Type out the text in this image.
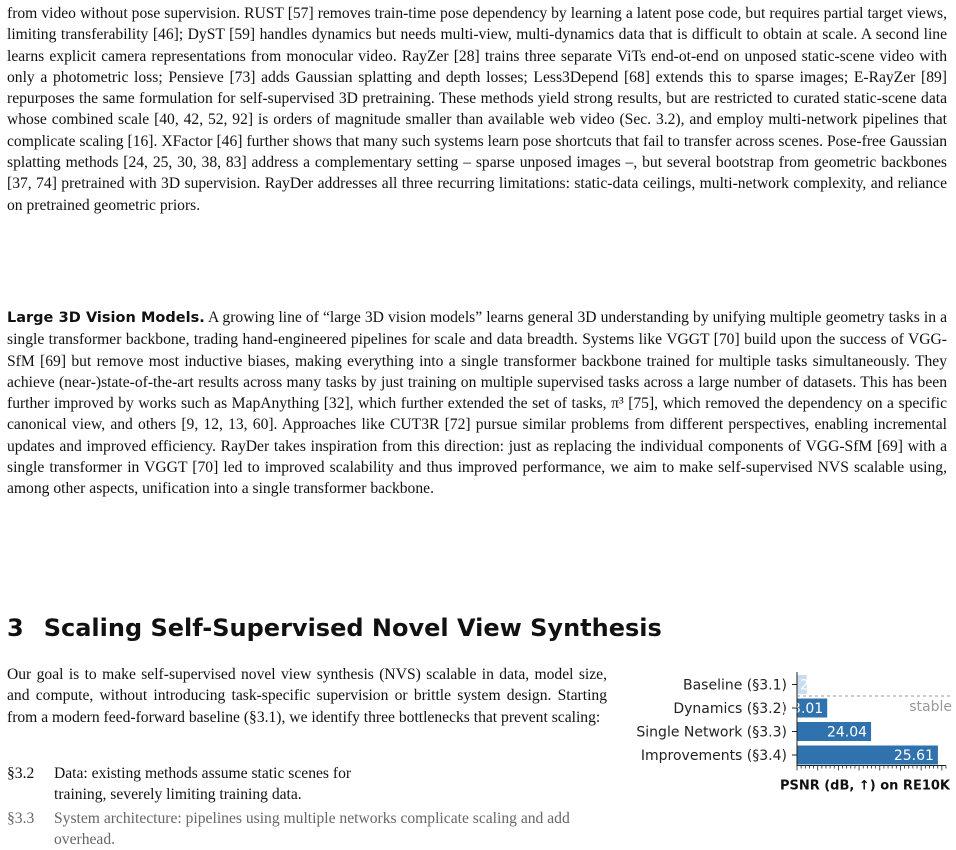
from video without pose supervision. RUST [57] removes train-time pose dependency by learning a latent pose code, but requires partial target views, limiting transferability [46]; DyST [59] handles dynamics but needs multi-view, multi-dynamics data that is difficult to obtain at scale. A second line learns explicit camera representations from monocular video. RayZer [28] trains three separate ViTs end-ot-end on unposed static-scene video with only a photometric loss; Pensieve [73] adds Gaussian splatting and depth losses; Less3Depend [68] extends this to sparse images; E-RayZer [89] repurposes the same formulation for self-supervised 3D pretraining. These methods yield strong results, but are restricted to curated static-scene data whose combined scale [40, 42, 52, 92] is orders of magnitude smaller than available web video (Sec. 3.2), and employ multi-network pipelines that complicate scaling [16]. XFactor [46] further shows that many such systems learn pose shortcuts that fail to transfer across scenes. Pose-free Gaussian splatting methods [24, 25, 30, 38, 83] address a complementary setting – sparse unposed images –, but several bootstrap from geometric backbones [37, 74] pretrained with 3D supervision. RayDer addresses all three recurring limitations: static-data ceilings, multi-network complexity, and reliance on pretrained geometric priors.

Large 3D Vision Models. A growing line of “large 3D vision models” learns general 3D understanding by unifying multiple geometry tasks in a single transformer backbone, trading hand-engineered pipelines for scale and data breadth. Systems like VGGT [70] build upon the success of VGG-SfM [69] but remove most inductive biases, making everything into a single transformer backbone trained for multiple tasks simultaneously. They achieve (near-)state-of-the-art results across many tasks by just training on multiple supervised tasks across a large number of datasets. This has been further improved by works such as MapAnything [32], which further extended the set of tasks, π³ [75], which removed the dependency on a specific canonical view, and others [9, 12, 13, 60]. Approaches like CUT3R [72] pursue similar problems from different perspectives, enabling incremental updates and improved efficiency. RayDer takes inspiration from this direction: just as replacing the individual components of VGG-SfM [69] with a single transformer in VGGT [70] led to improved scalability and thus improved performance, we aim to make self-supervised NVS scalable using, among other aspects, unification into a single transformer backbone.

3 Scaling Self-Supervised Novel View Synthesis

Our goal is to make self-supervised novel view synthesis (NVS) scalable in data, model size, and compute, without introducing task-specific supervision or brittle system design. Starting from a modern feed-forward baseline (§3.1), we identify three bottlenecks that prevent scaling:

§3.2	Data: existing methods assume static scenes for training, severely limiting training data.
§3.3	System architecture: pipelines using multiple networks complicate scaling and add overhead.
stable
Baseline (§3.1) 22.53
Dynamics (§3.2)
23.01
Single Network (§3.3)	24.04
Improvements (§3.4)	25.61
PSNR (dB, ↑) on RE10K
